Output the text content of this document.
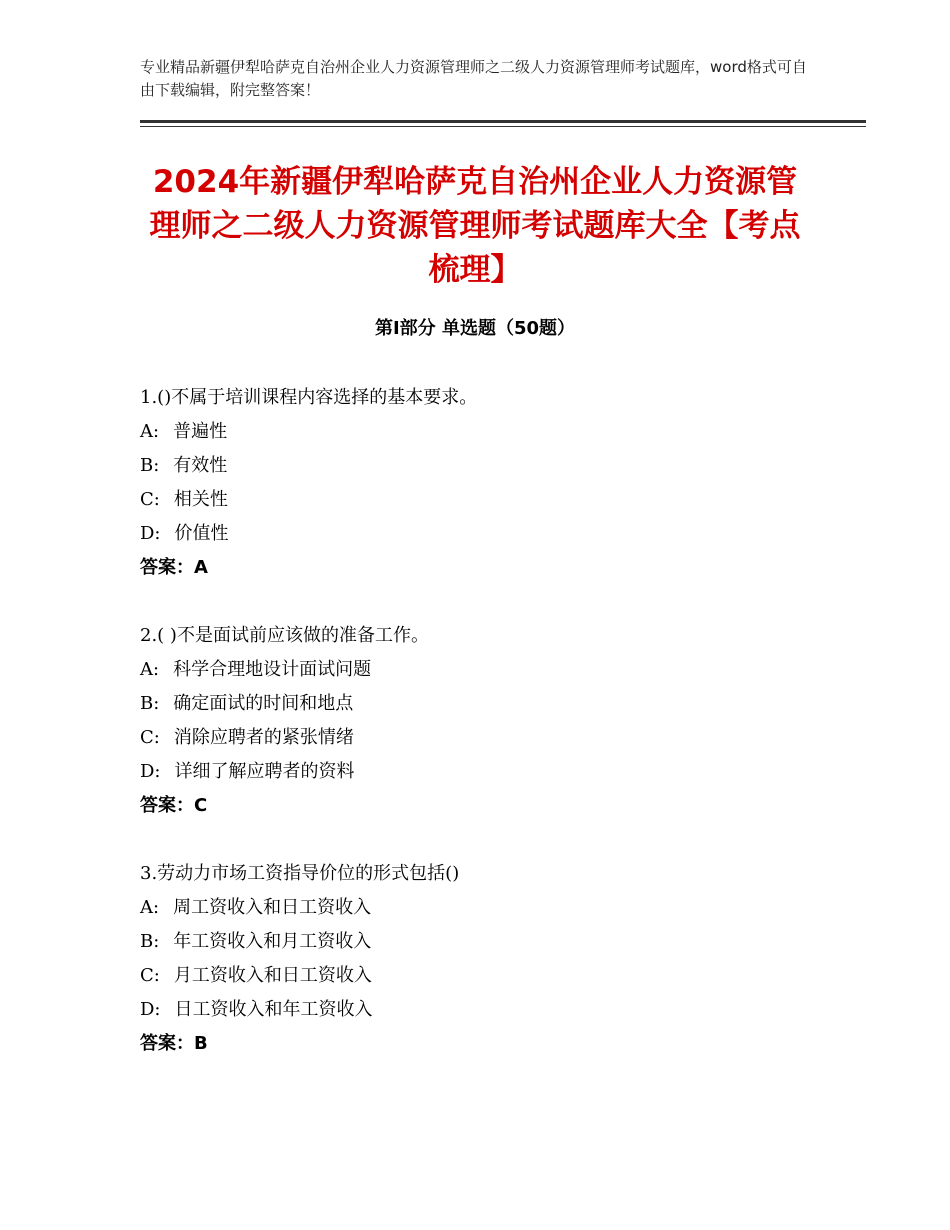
专业精品新疆伊犁哈萨克自治州企业人力资源管理师之二级人力资源管理师考试题库，word格式可自由下载编辑，附完整答案！
2024年新疆伊犁哈萨克自治州企业人力资源管理师之二级人力资源管理师考试题库大全【考点梳理】
第Ⅰ部分 单选题（50题）
1.()不属于培训课程内容选择的基本要求。
A: 普遍性
B: 有效性
C: 相关性
D: 价值性
答案：A
2.( )不是面试前应该做的准备工作。
A: 科学合理地设计面试问题
B: 确定面试的时间和地点
C: 消除应聘者的紧张情绪
D: 详细了解应聘者的资料
答案：C
3.劳动力市场工资指导价位的形式包括()
A: 周工资收入和日工资收入
B: 年工资收入和月工资收入
C: 月工资收入和日工资收入
D: 日工资收入和年工资收入
答案：B
